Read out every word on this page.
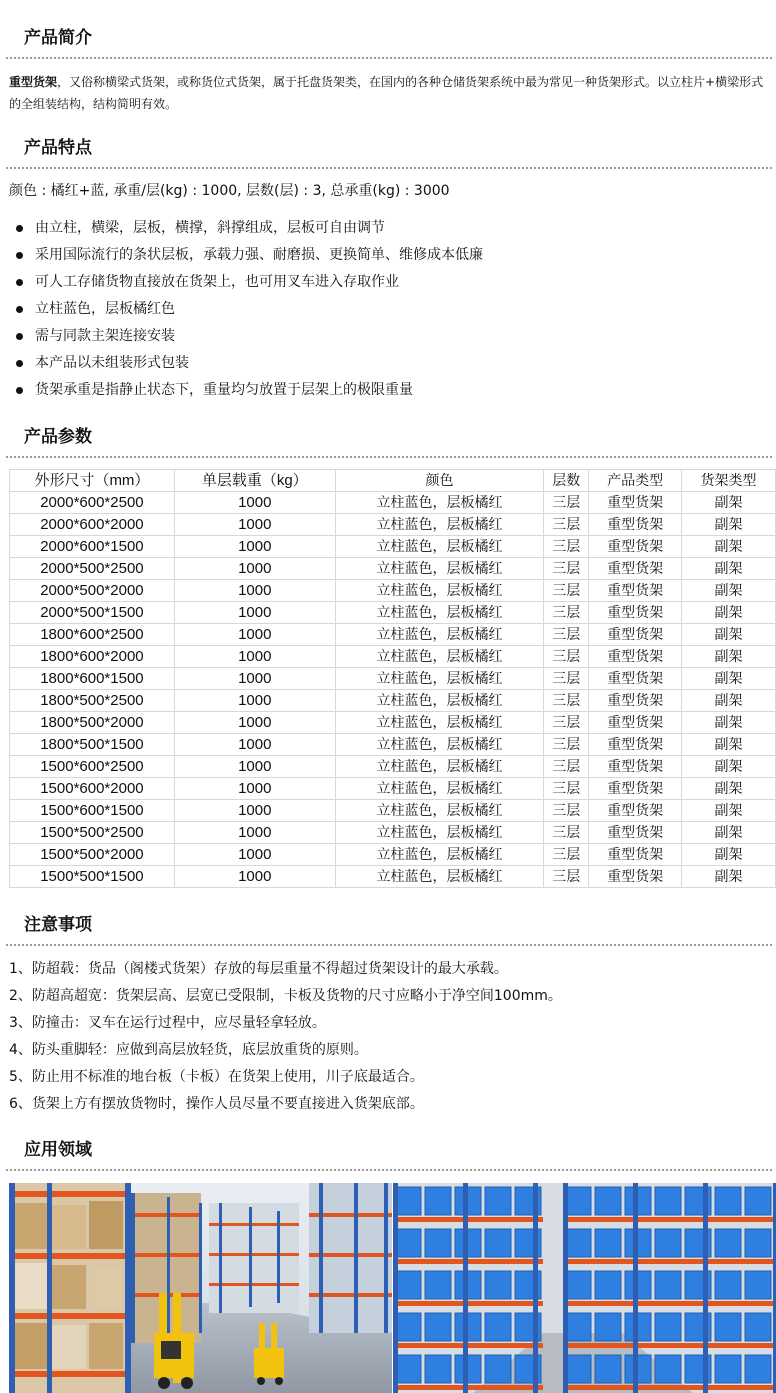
产品简介
重型货架，又俗称横梁式货架，或称货位式货架，属于托盘货架类，在国内的各种仓储货架系统中最为常见一种货架形式。以立柱片+横梁形式的全组装结构，结构简明有效。
产品特点
颜色 : 橘红+蓝, 承重/层(kg) : 1000, 层数(层) : 3, 总承重(kg) : 3000
由立柱，横梁，层板，横撑，斜撑组成，层板可自由调节
采用国际流行的条状层板，承载力强、耐磨损、更换简单、维修成本低廉
可人工存储货物直接放在货架上，也可用叉车进入存取作业
立柱蓝色，层板橘红色
需与同款主架连接安装
本产品以未组装形式包装
货架承重是指静止状态下，重量均匀放置于层架上的极限重量
产品参数
外形尺寸（mm）	单层载重（kg）	颜色	层数	产品类型	货架类型
2000*600*2500	1000	立柱蓝色，层板橘红	三层	重型货架	副架
2000*600*2000	1000	立柱蓝色，层板橘红	三层	重型货架	副架
2000*600*1500	1000	立柱蓝色，层板橘红	三层	重型货架	副架
2000*500*2500	1000	立柱蓝色，层板橘红	三层	重型货架	副架
2000*500*2000	1000	立柱蓝色，层板橘红	三层	重型货架	副架
2000*500*1500	1000	立柱蓝色，层板橘红	三层	重型货架	副架
1800*600*2500	1000	立柱蓝色，层板橘红	三层	重型货架	副架
1800*600*2000	1000	立柱蓝色，层板橘红	三层	重型货架	副架
1800*600*1500	1000	立柱蓝色，层板橘红	三层	重型货架	副架
1800*500*2500	1000	立柱蓝色，层板橘红	三层	重型货架	副架
1800*500*2000	1000	立柱蓝色，层板橘红	三层	重型货架	副架
1800*500*1500	1000	立柱蓝色，层板橘红	三层	重型货架	副架
1500*600*2500	1000	立柱蓝色，层板橘红	三层	重型货架	副架
1500*600*2000	1000	立柱蓝色，层板橘红	三层	重型货架	副架
1500*600*1500	1000	立柱蓝色，层板橘红	三层	重型货架	副架
1500*500*2500	1000	立柱蓝色，层板橘红	三层	重型货架	副架
1500*500*2000	1000	立柱蓝色，层板橘红	三层	重型货架	副架
1500*500*1500	1000	立柱蓝色，层板橘红	三层	重型货架	副架
注意事项
1、防超载：货品（阁楼式货架）存放的每层重量不得超过货架设计的最大承载。
2、防超高超宽：货架层高、层宽已受限制，卡板及货物的尺寸应略小于净空间100mm。
3、防撞击：叉车在运行过程中，应尽量轻拿轻放。
4、防头重脚轻：应做到高层放轻货，底层放重货的原则。
5、防止用不标准的地台板（卡板）在货架上使用，川子底最适合。
6、货架上方有摆放货物时，操作人员尽量不要直接进入货架底部。
应用领域
